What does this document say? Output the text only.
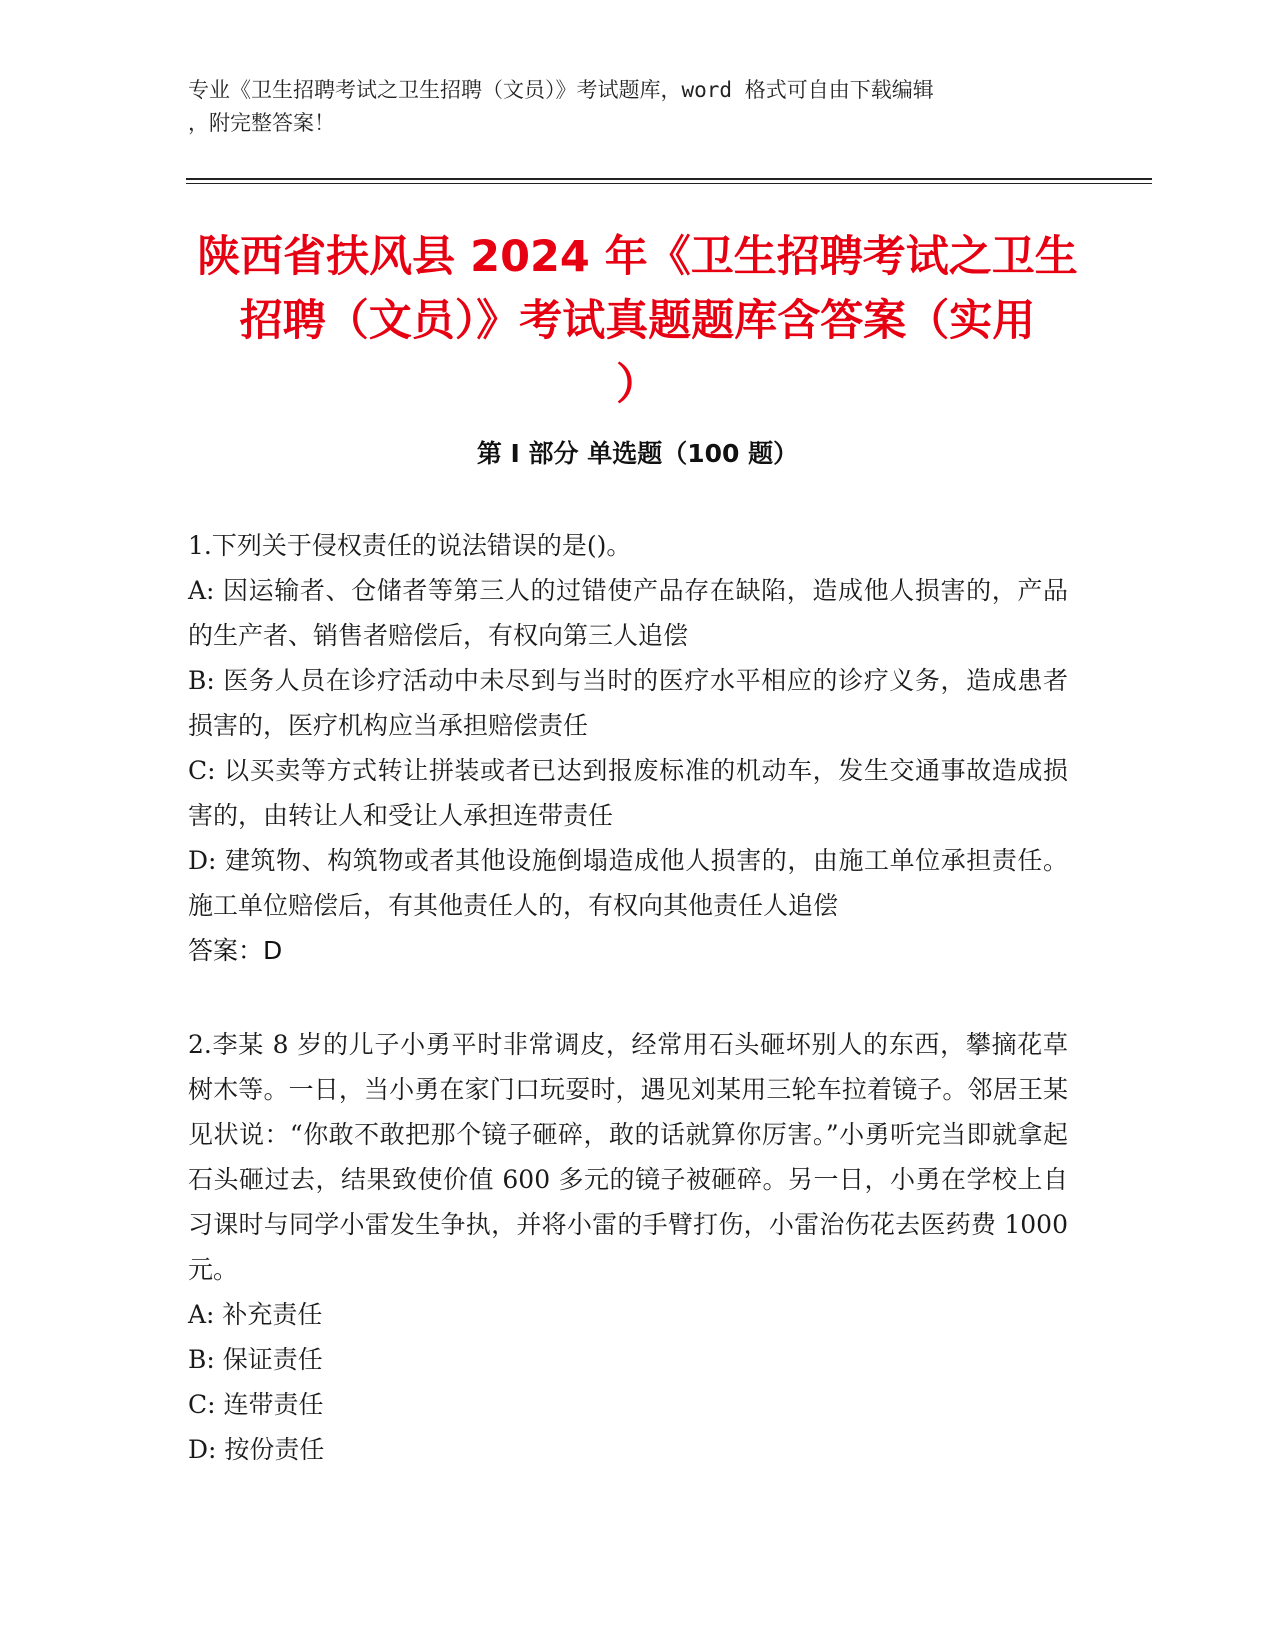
专业《卫生招聘考试之卫生招聘（文员）》考试题库，word 格式可自由下载编辑
，附完整答案！
陕西省扶风县 2024 年《卫生招聘考试之卫生
招聘（文员）》考试真题题库含答案（实用
）
第 I 部分 单选题（100 题）

1.下列关于侵权责任的说法错误的是()。

A: 因运输者、仓储者等第三人的过错使产品存在缺陷，造成他人损害的，产品的生产者、销售者赔偿后，有权向第三人追偿

B: 医务人员在诊疗活动中未尽到与当时的医疗水平相应的诊疗义务，造成患者损害的，医疗机构应当承担赔偿责任

C: 以买卖等方式转让拼装或者已达到报废标准的机动车，发生交通事故造成损害的，由转让人和受让人承担连带责任

D: 建筑物、构筑物或者其他设施倒塌造成他人损害的，由施工单位承担责任。施工单位赔偿后，有其他责任人的，有权向其他责任人追偿

答案：D

2.李某 8 岁的儿子小勇平时非常调皮，经常用石头砸坏别人的东西，攀摘花草树木等。一日，当小勇在家门口玩耍时，遇见刘某用三轮车拉着镜子。邻居王某见状说：“你敢不敢把那个镜子砸碎，敢的话就算你厉害。”小勇听完当即就拿起石头砸过去，结果致使价值 600 多元的镜子被砸碎。另一日，小勇在学校上自习课时与同学小雷发生争执，并将小雷的手臂打伤，小雷治伤花去医药费 1000 元。

A: 补充责任

B: 保证责任

C: 连带责任

D: 按份责任
